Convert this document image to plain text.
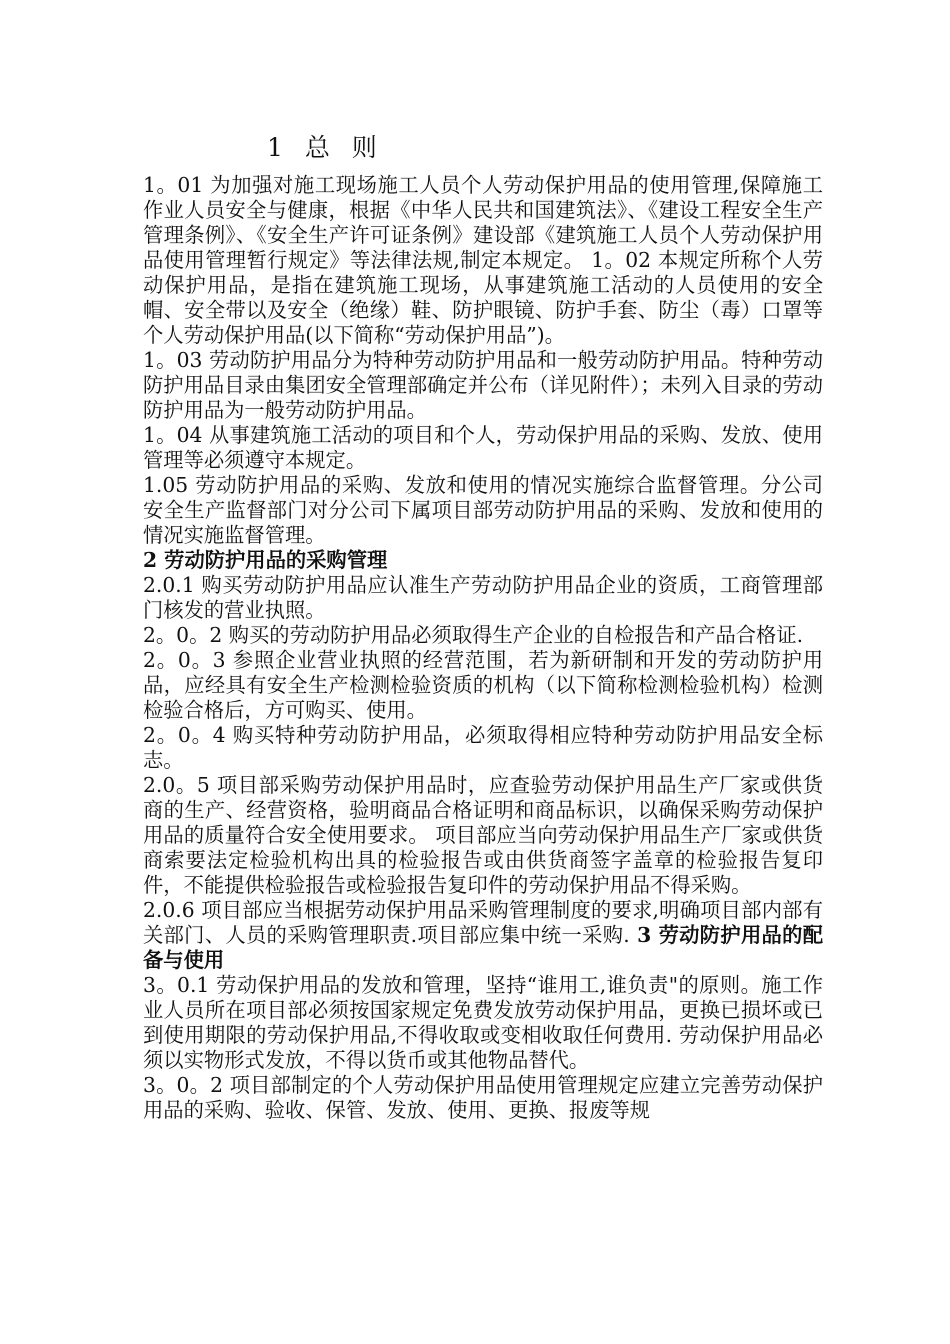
1 总 则

1。01 为加强对施工现场施工人员个人劳动保护用品的使用管理,保障施工作业人员安全与健康，根据《中华人民共和国建筑法》、《建设工程安全生产管理条例》、《安全生产许可证条例》建设部《建筑施工人员个人劳动保护用品使用管理暂行规定》等法律法规,制定本规定。 1。02 本规定所称个人劳动保护用品，是指在建筑施工现场，从事建筑施工活动的人员使用的安全帽、安全带以及安全（绝缘）鞋、防护眼镜、防护手套、防尘（毒）口罩等个人劳动保护用品(以下简称“劳动保护用品”)。

1。03 劳动防护用品分为特种劳动防护用品和一般劳动防护用品。特种劳动防护用品目录由集团安全管理部确定并公布（详见附件）；未列入目录的劳动防护用品为一般劳动防护用品。

1。04 从事建筑施工活动的项目和个人，劳动保护用品的采购、发放、使用管理等必须遵守本规定。

1.05 劳动防护用品的采购、发放和使用的情况实施综合监督管理。分公司安全生产监督部门对分公司下属项目部劳动防护用品的采购、发放和使用的情况实施监督管理。

2 劳动防护用品的采购管理

2.0.1 购买劳动防护用品应认准生产劳动防护用品企业的资质，工商管理部门核发的营业执照。

2。0。2 购买的劳动防护用品必须取得生产企业的自检报告和产品合格证.

2。0。3 参照企业营业执照的经营范围，若为新研制和开发的劳动防护用品，应经具有安全生产检测检验资质的机构（以下简称检测检验机构）检测检验合格后，方可购买、使用。

2。0。4 购买特种劳动防护用品，必须取得相应特种劳动防护用品安全标志。

2.0。5 项目部采购劳动保护用品时，应查验劳动保护用品生产厂家或供货商的生产、经营资格，验明商品合格证明和商品标识，以确保采购劳动保护用品的质量符合安全使用要求。 项目部应当向劳动保护用品生产厂家或供货商索要法定检验机构出具的检验报告或由供货商签字盖章的检验报告复印件，不能提供检验报告或检验报告复印件的劳动保护用品不得采购。

2.0.6 项目部应当根据劳动保护用品采购管理制度的要求,明确项目部内部有关部门、人员的采购管理职责.项目部应集中统一采购. 3 劳动防护用品的配备与使用

3。0.1 劳动保护用品的发放和管理，坚持“谁用工,谁负责"的原则。施工作业人员所在项目部必须按国家规定免费发放劳动保护用品，更换已损坏或已到使用期限的劳动保护用品,不得收取或变相收取任何费用. 劳动保护用品必须以实物形式发放，不得以货币或其他物品替代。

3。0。2 项目部制定的个人劳动保护用品使用管理规定应建立完善劳动保护用品的采购、验收、保管、发放、使用、更换、报废等规
